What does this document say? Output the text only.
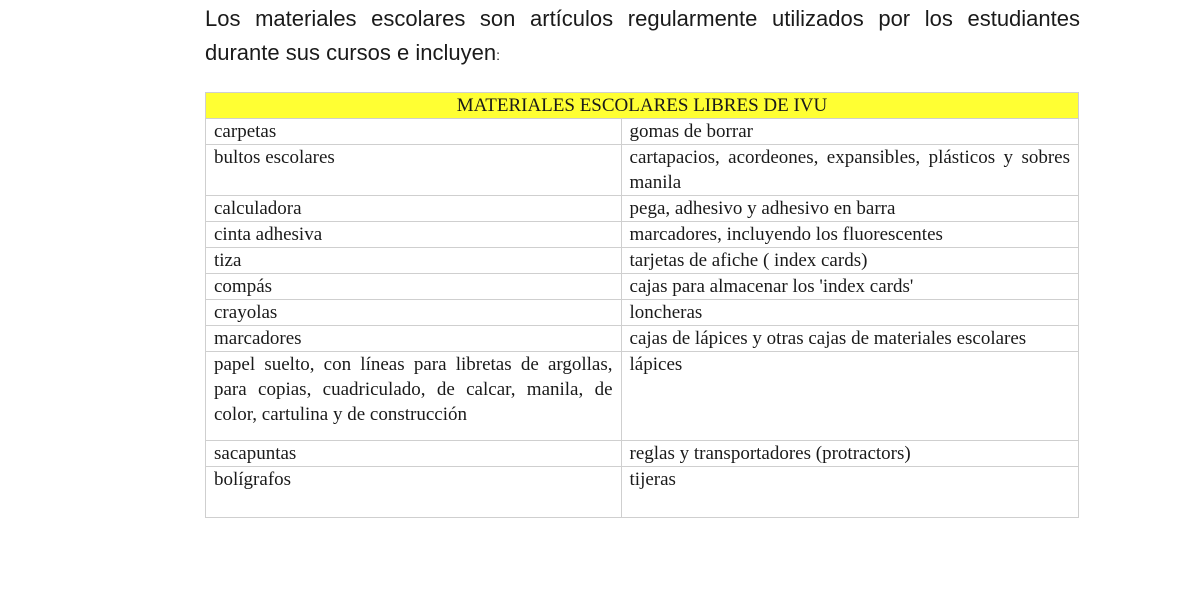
Los materiales escolares son artículos regularmente utilizados por los estudiantes durante sus cursos e incluyen:

MATERIALES ESCOLARES LIBRES DE IVU	
carpetas	gomas de borrar
bultos escolares	cartapacios, acordeones, expansibles, plásticos y sobres manila
calculadora	pega, adhesivo y adhesivo en barra
cinta adhesiva	marcadores, incluyendo los fluorescentes
tiza	tarjetas de afiche ( index cards)
compás	cajas para almacenar los 'index cards'
crayolas	loncheras
marcadores	cajas de lápices y otras cajas de materiales escolares
papel suelto, con líneas para libretas de argollas, para copias, cuadriculado, de calcar, manila, de color, cartulina y de construcción	lápices
sacapuntas	reglas y transportadores (protractors)
bolígrafos	tijeras
